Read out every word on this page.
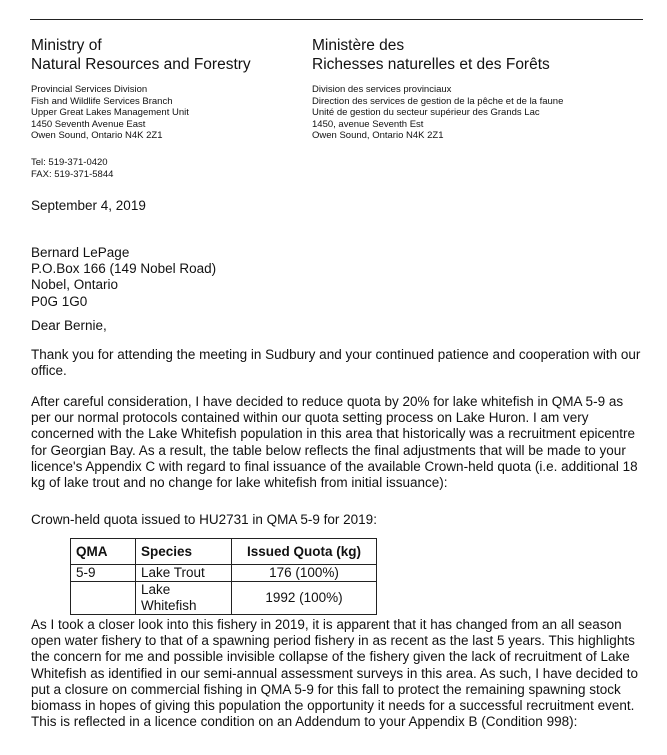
Ministry of

Natural Resources and Forestry

Provincial Services Division
Fish and Wildlife Services Branch
Upper Great Lakes Management Unit
1450 Seventh Avenue East
Owen Sound, Ontario N4K 2Z1

Ministère des

Richesses naturelles et des Forêts

Division des services provinciaux
Direction des services de gestion de la pêche et de la faune
Unité de gestion du secteur supérieur des Grands Lac
1450, avenue Seventh Est
Owen Sound, Ontario N4K 2Z1
Tel: 519-371-0420
FAX: 519-371-5844
September 4, 2019
Bernard LePage
P.O.Box 166 (149 Nobel Road)
Nobel, Ontario
P0G 1G0
Dear Bernie,

Thank you for attending the meeting in Sudbury and your continued patience and cooperation with our office.

After careful consideration, I have decided to reduce quota by 20% for lake whitefish in QMA 5-9 as per our normal protocols contained within our quota setting process on Lake Huron. I am very concerned with the Lake Whitefish population in this area that historically was a recruitment epicentre for Georgian Bay. As a result, the table below reflects the final adjustments that will be made to your licence's Appendix C with regard to final issuance of the available Crown-held quota (i.e. additional 18 kg of lake trout and no change for lake whitefish from initial issuance):

Crown-held quota issued to HU2731 in QMA 5-9 for 2019:
QMA	Species	Issued Quota (kg)
5-9	Lake Trout	176 (100%)
	Lake Whitefish	1992 (100%)

As I took a closer look into this fishery in 2019, it is apparent that it has changed from an all season open water fishery to that of a spawning period fishery in as recent as the last 5 years. This highlights the concern for me and possible invisible collapse of the fishery given the lack of recruitment of Lake Whitefish as identified in our semi-annual assessment surveys in this area. As such, I have decided to put a closure on commercial fishing in QMA 5-9 for this fall to protect the remaining spawning stock biomass in hopes of giving this population the opportunity it needs for a successful recruitment event. This is reflected in a licence condition on an Addendum to your Appendix B (Condition 998):
